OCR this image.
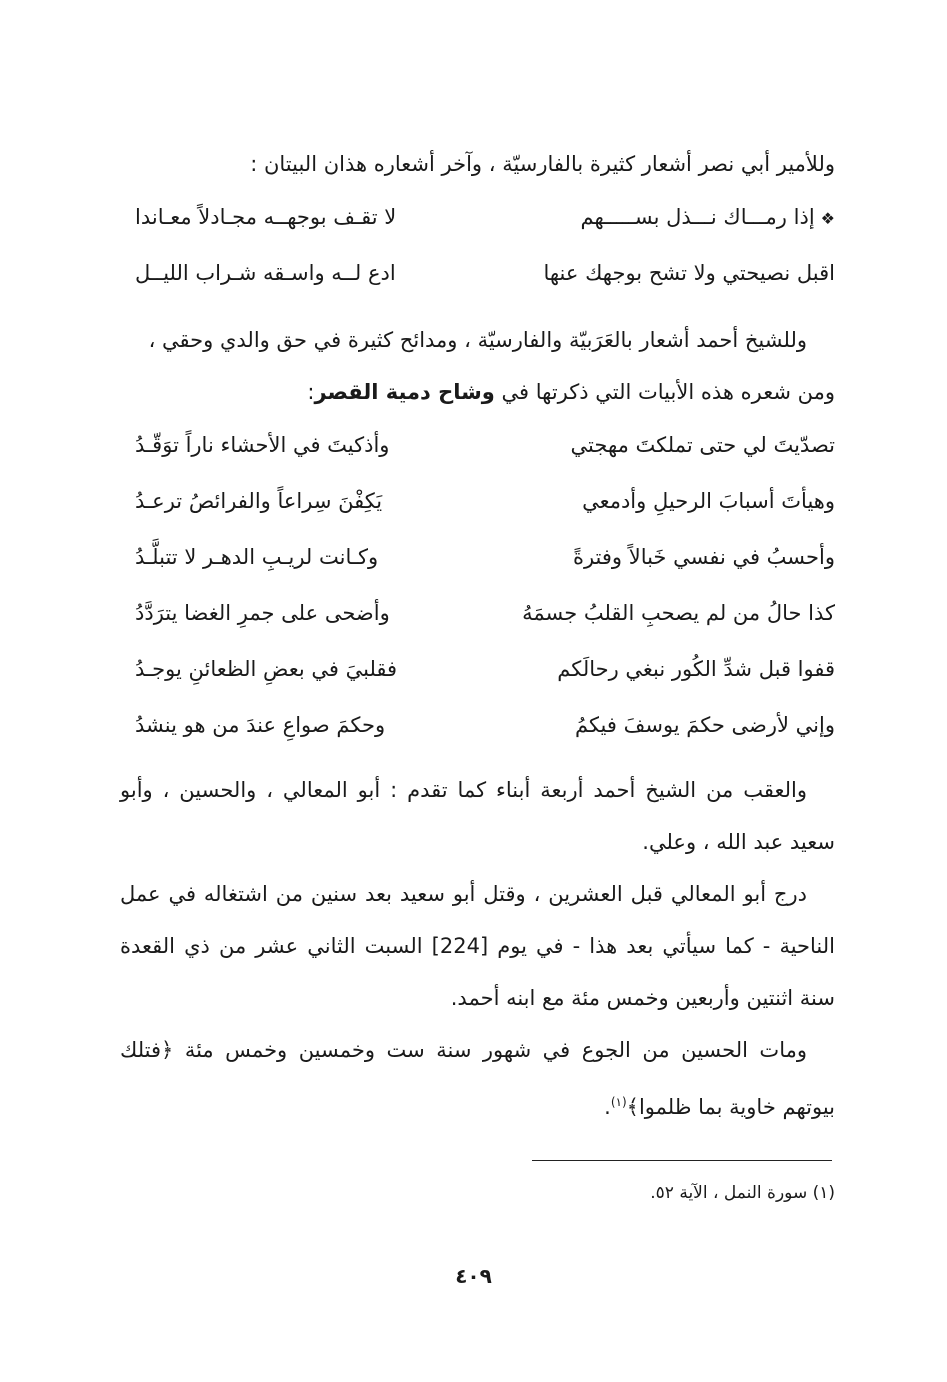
وللأمير أبي نصر أشعار كثيرة بالفارسيّة ، وآخر أشعاره هذان البيتان :

❖إذا رمـــاك نـــذل بســـــهم
لا تقـف بوجهــه مجـادلاً معـاندا
اقبل نصيحتي ولا تشح بوجهك عنها
ادع لــه واسـقه شـراب الليــل

وللشيخ أحمد أشعار بالعَرَبيّة والفارسيّة ، ومدائح كثيرة في حق والدي وحقي ،
ومن شعره هذه الأبيات التي ذكرتها في وشاح دمية القصر:

تصدّيتَ لي حتى تملكتَ مهجتي
وأذكيتَ في الأحشاء ناراً توَقّـدُ
وهيأتَ أسبابَ الرحيلِ وأدمعي
يَكِفْنَ سِراعاً والفرائصُ ترعـدُ
وأحسبُ في نفسي خَبالاً وفترةً
وكـانت لريـبِ الدهـر لا تتبلَّـدُ
كذا حالُ من لم يصحبِ القلبُ جسمَهُ
وأضحى على جمرِ الغضا يترَدَّدُ
قفوا قبل شدِّ الكُور نبغي رحالَكم
فقلبيَ في بعضِ الظعائنِ يوجـدُ
وإني لأرضى حكمَ يوسفَ فيكمُ
وحكمَ صواعِ عندَ من هو ينشدُ

والعقب من الشيخ أحمد أربعة أبناء كما تقدم : أبو المعالي ، والحسين ، وأبو سعيد عبد الله ، وعلي.

درج أبو المعالي قبل العشرين ، وقتل أبو سعيد بعد سنين من اشتغاله في عمل الناحية - كما سيأتي بعد هذا - في يوم [224] السبت الثاني عشر من ذي القعدة سنة اثنتين وأربعين وخمس مئة مع ابنه أحمد.

ومات الحسين من الجوع في شهور سنة ست وخمسين وخمس مئة ﴿فتلك بيوتهم خاوية بما ظلموا﴾$^{(١)}$.

(١) سورة النمل ، الآية ٥٢.
٤٠٩
